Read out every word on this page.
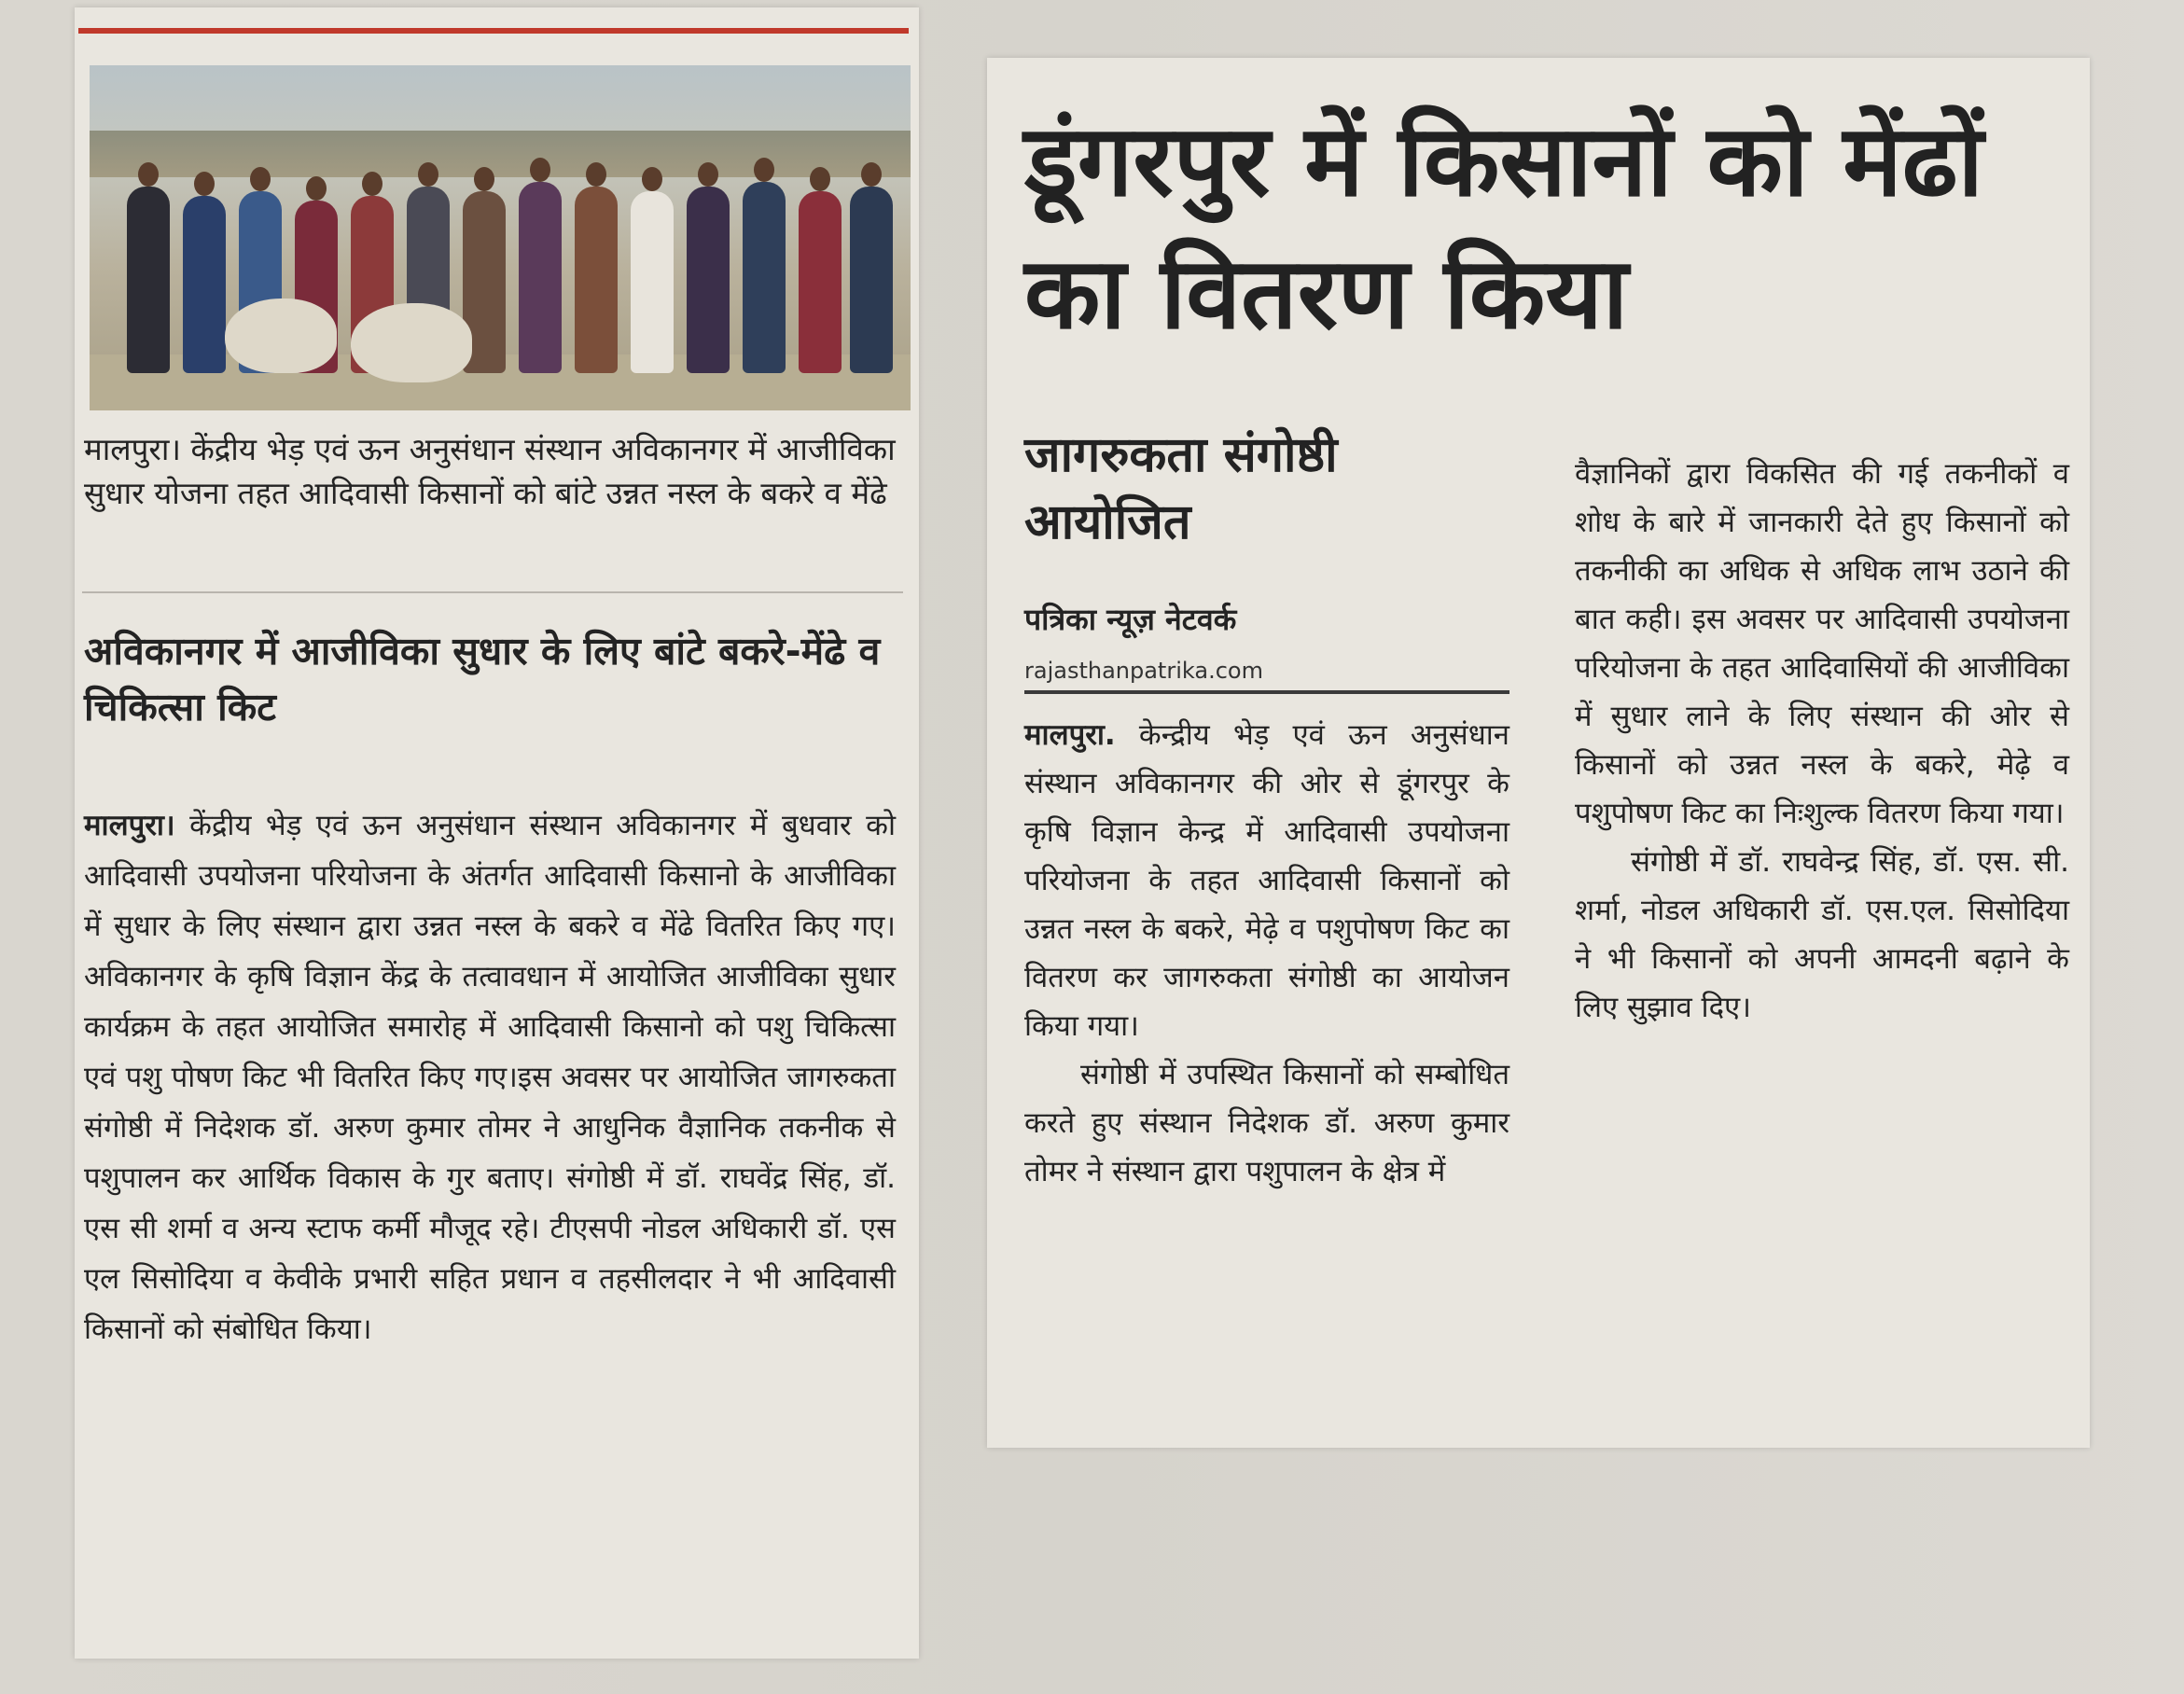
मालपुरा। केंद्रीय भेड़ एवं ऊन अनुसंधान संस्थान अविकानगर में आजीविका सुधार योजना तहत आदिवासी किसानों को बांटे उन्नत नस्ल के बकरे व मेंढे
अविकानगर में आजीविका सुधार के लिए बांटे बकरे-मेंढे व चिकित्सा किट
मालपुरा। केंद्रीय भेड़ एवं ऊन अनुसंधान संस्थान अविकानगर में बुधवार को आदिवासी उपयोजना परियोजना के अंतर्गत आदिवासी किसानो के आजीविका में सुधार के लिए संस्थान द्वारा उन्नत नस्ल के बकरे व मेंढे वितरित किए गए। अविकानगर के कृषि विज्ञान केंद्र के तत्वावधान में आयोजित आजीविका सुधार कार्यक्रम के तहत आयोजित समारोह में आदिवासी किसानो को पशु चिकित्सा एवं पशु पोषण किट भी वितरित किए गए।इस अवसर पर आयोजित जागरुकता संगोष्ठी में निदेशक डॉ. अरुण कुमार तोमर ने आधुनिक वैज्ञानिक तकनीक से पशुपालन कर आर्थिक विकास के गुर बताए। संगोष्ठी में डॉ. राघवेंद्र सिंह, डॉ. एस सी शर्मा व अन्य स्टाफ कर्मी मौजूद रहे। टीएसपी नोडल अधिकारी डॉ. एस एल सिसोदिया व केवीके प्रभारी सहित प्रधान व तहसीलदार ने भी आदिवासी किसानों को संबोधित किया।
डूंगरपुर में किसानों को मेंढों का वितरण किया
जागरुकता संगोष्ठी आयोजित
पत्रिका न्यूज़ नेटवर्क
rajasthanpatrika.com

मालपुरा. केन्द्रीय भेड़ एवं ऊन अनुसंधान संस्थान अविकानगर की ओर से डूंगरपुर के कृषि विज्ञान केन्द्र में आदिवासी उपयोजना परियोजना के तहत आदिवासी किसानों को उन्नत नस्ल के बकरे, मेढ़े व पशुपोषण किट का वितरण कर जागरुकता संगोष्ठी का आयोजन किया गया।

संगोष्ठी में उपस्थित किसानों को सम्बोधित करते हुए संस्थान निदेशक डॉ. अरुण कुमार तोमर ने संस्थान द्वारा पशुपालन के क्षेत्र में

वैज्ञानिकों द्वारा विकसित की गई तकनीकों व शोध के बारे में जानकारी देते हुए किसानों को तकनीकी का अधिक से अधिक लाभ उठाने की बात कही। इस अवसर पर आदिवासी उपयोजना परियोजना के तहत आदिवासियों की आजीविका में सुधार लाने के लिए संस्थान की ओर से किसानों को उन्नत नस्ल के बकरे, मेढ़े व पशुपोषण किट का निःशुल्क वितरण किया गया।

संगोष्ठी में डॉ. राघवेन्द्र सिंह, डॉ. एस. सी. शर्मा, नोडल अधिकारी डॉ. एस.एल. सिसोदिया ने भी किसानों को अपनी आमदनी बढ़ाने के लिए सुझाव दिए।
